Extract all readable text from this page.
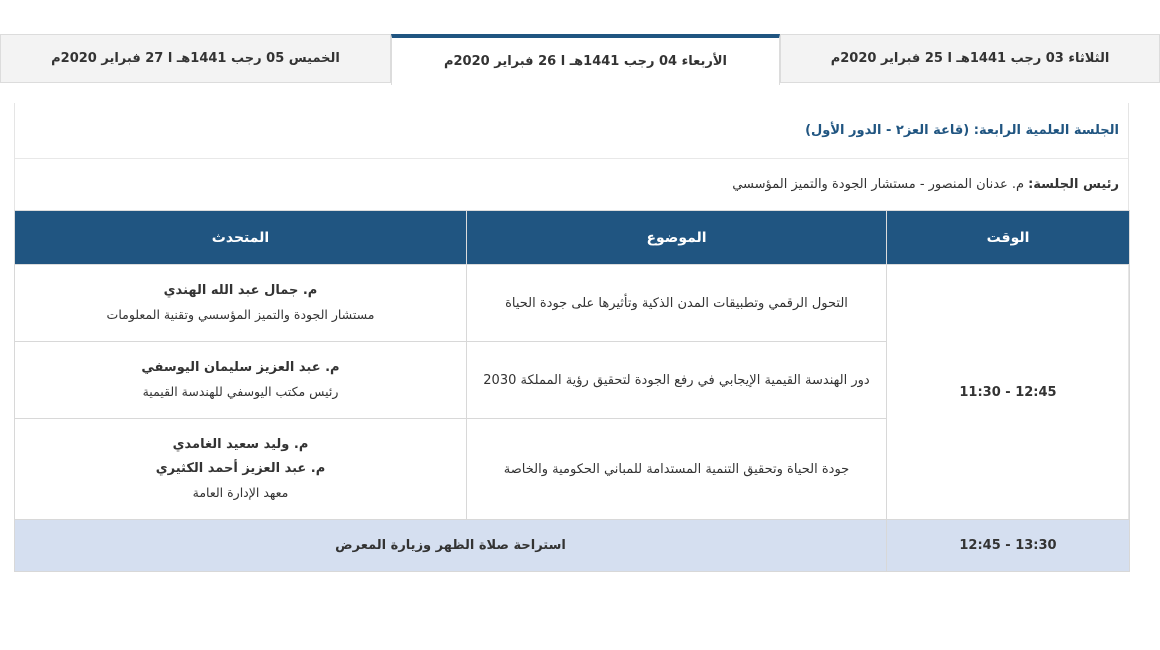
الثلاثاء 03 رجب 1441هـ ا 25 فبراير 2020م
الأربعاء 04 رجب 1441هـ ا 26 فبراير 2020م
الخميس 05 رجب 1441هـ ا 27 فبراير 2020م
الجلسة العلمية الرابعة: (قاعة العز٢ - الدور الأول)
رئيس الجلسة:
م. عدنان المنصور - مستشار الجودة والتميز المؤسسي
الوقت	الموضوع	المتحدث
11:30 - 12:45	التحول الرقمي وتطبيقات المدن الذكية وتأثيرها على جودة الحياة	م. جمال عبد الله الهندي
مستشار الجودة والتميز المؤسسي وتقنية المعلومات

	دور الهندسة القيمية الإيجابي في رفع الجودة لتحقيق رؤية المملكة 2030	م. عبد العزيز سليمان اليوسفي
رئيس مكتب اليوسفي للهندسة القيمية

	جودة الحياة وتحقيق التنمية المستدامة للمباني الحكومية والخاصة	م. وليد سعيد الغامدي
م. عبد العزيز أحمد الكثيري
معهد الإدارة العامة

12:45 - 13:30	استراحة صلاة الظهر وزيارة المعرض	
